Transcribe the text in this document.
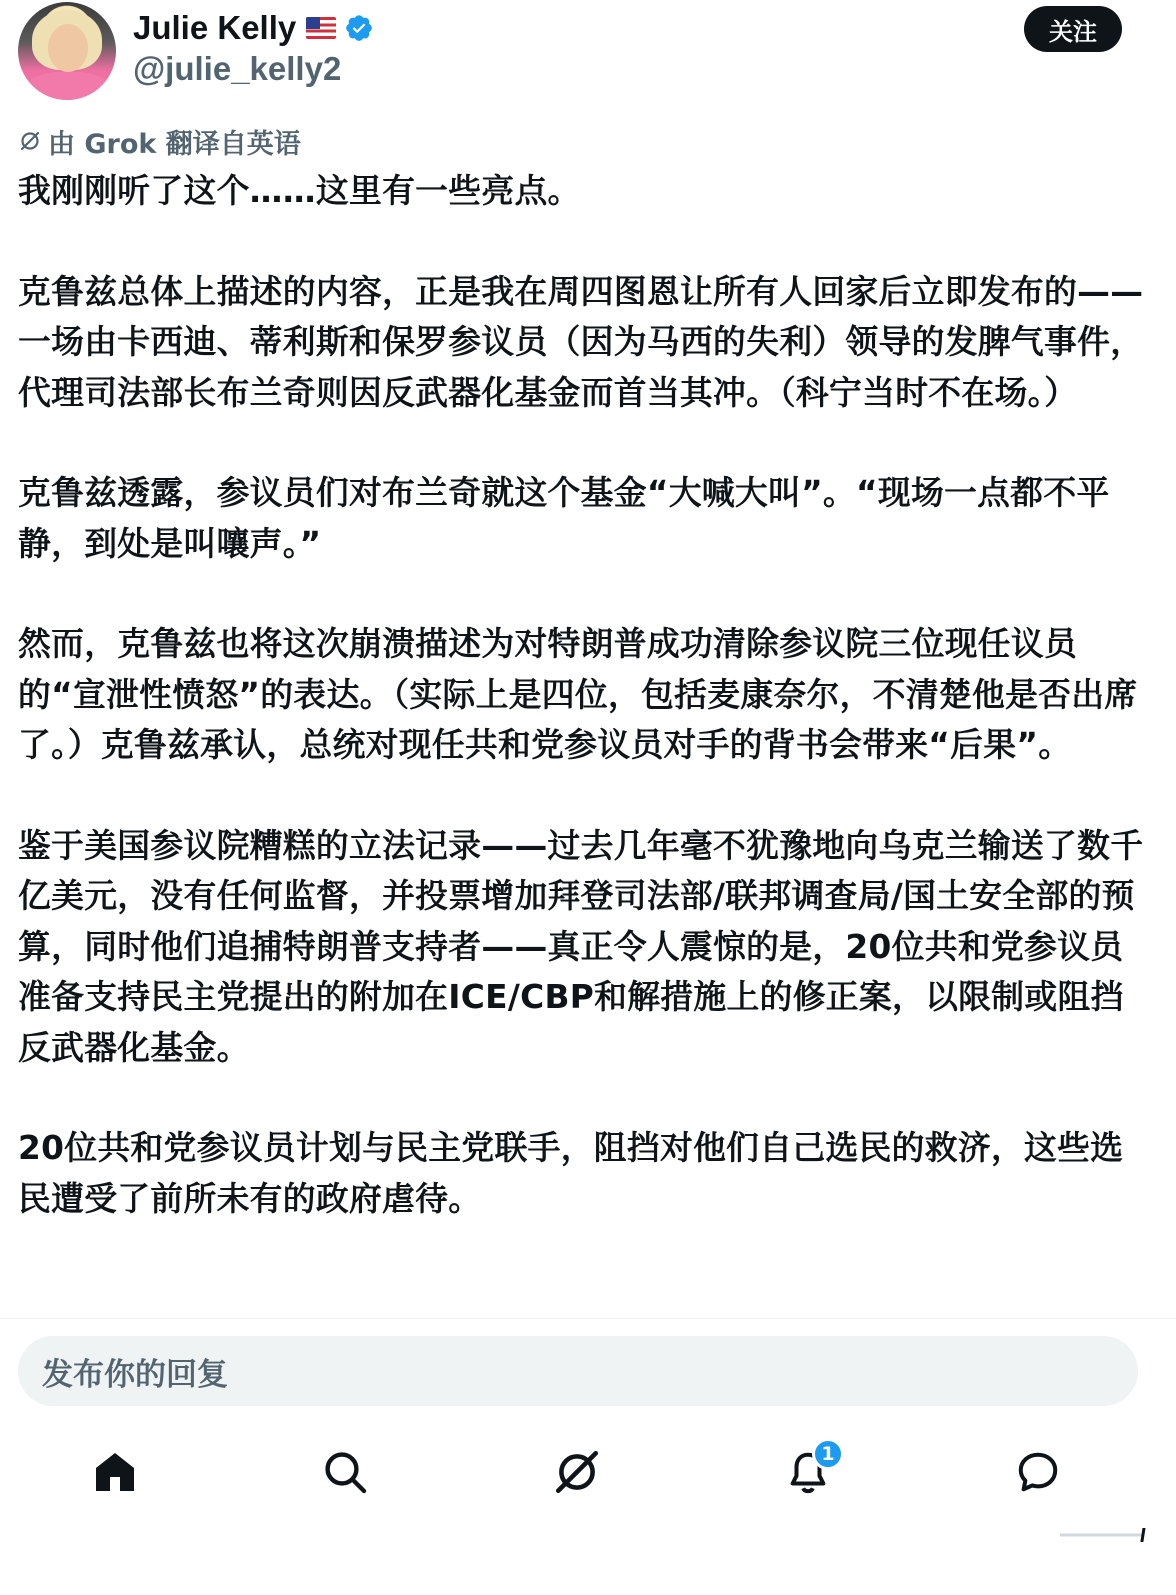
Julie Kelly
@julie_kelly2
关注
由 Grok 翻译自英语

我刚刚听了这个……这里有一些亮点。

克鲁兹总体上描述的内容，正是我在周四图恩让所有人回家后立即发布的——一场由卡西迪、蒂利斯和保罗参议员（因为马西的失利）领导的发脾气事件，代理司法部长布兰奇则因反武器化基金而首当其冲。（科宁当时不在场。）

克鲁兹透露，参议员们对布兰奇就这个基金“大喊大叫”。“现场一点都不平静，到处是叫嚷声。”

然而，克鲁兹也将这次崩溃描述为对特朗普成功清除参议院三位现任议员的“宣泄性愤怒”的表达。（实际上是四位，包括麦康奈尔，不清楚他是否出席了。）克鲁兹承认，总统对现任共和党参议员对手的背书会带来“后果”。

鉴于美国参议院糟糕的立法记录——过去几年毫不犹豫地向乌克兰输送了数千亿美元，没有任何监督，并投票增加拜登司法部/联邦调查局/国土安全部的预算，同时他们追捕特朗普支持者——真正令人震惊的是，20位共和党参议员准备支持民主党提出的附加在ICE/CBP和解措施上的修正案，以限制或阻挡反武器化基金。

20位共和党参议员计划与民主党联手，阻挡对他们自己选民的救济，这些选民遭受了前所未有的政府虐待。

发布你的回复
1
